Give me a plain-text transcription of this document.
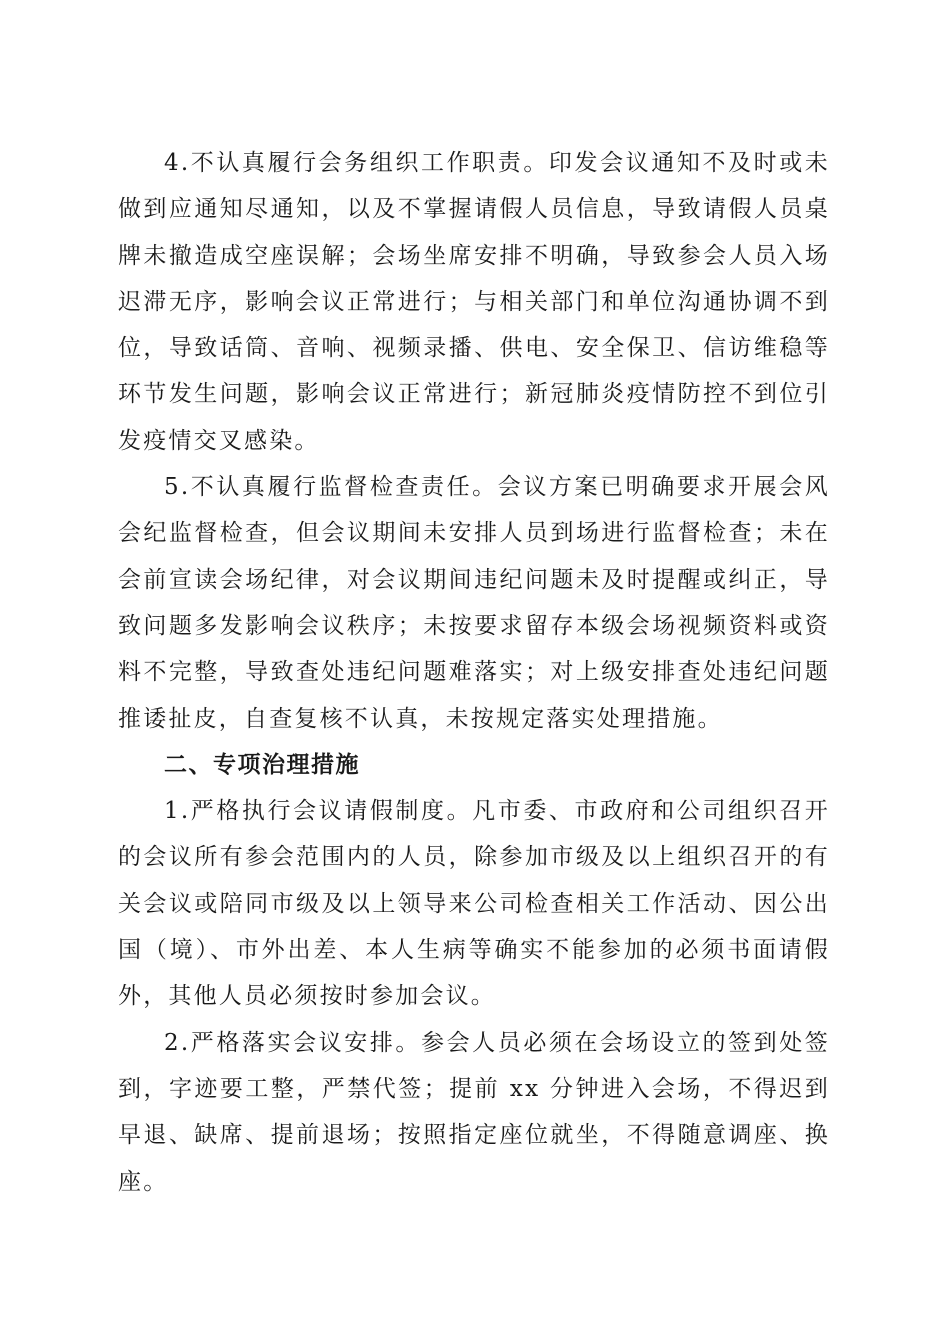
4.不认真履行会务组织工作职责。印发会议通知不及时或未做到应通知尽通知，以及不掌握请假人员信息，导致请假人员桌牌未撤造成空座误解；会场坐席安排不明确，导致参会人员入场迟滞无序，影响会议正常进行；与相关部门和单位沟通协调不到位，导致话筒、音响、视频录播、供电、安全保卫、信访维稳等环节发生问题，影响会议正常进行；新冠肺炎疫情防控不到位引发疫情交叉感染。

5.不认真履行监督检查责任。会议方案已明确要求开展会风会纪监督检查，但会议期间未安排人员到场进行监督检查；未在会前宣读会场纪律，对会议期间违纪问题未及时提醒或纠正，导致问题多发影响会议秩序；未按要求留存本级会场视频资料或资料不完整，导致查处违纪问题难落实；对上级安排查处违纪问题推诿扯皮，自查复核不认真，未按规定落实处理措施。

二、专项治理措施

1.严格执行会议请假制度。凡市委、市政府和公司组织召开的会议所有参会范围内的人员，除参加市级及以上组织召开的有关会议或陪同市级及以上领导来公司检查相关工作活动、因公出国（境）、市外出差、本人生病等确实不能参加的必须书面请假外，其他人员必须按时参加会议。

2.严格落实会议安排。参会人员必须在会场设立的签到处签到，字迹要工整，严禁代签；提前 xx 分钟进入会场，不得迟到早退、缺席、提前退场；按照指定座位就坐，不得随意调座、换座。
